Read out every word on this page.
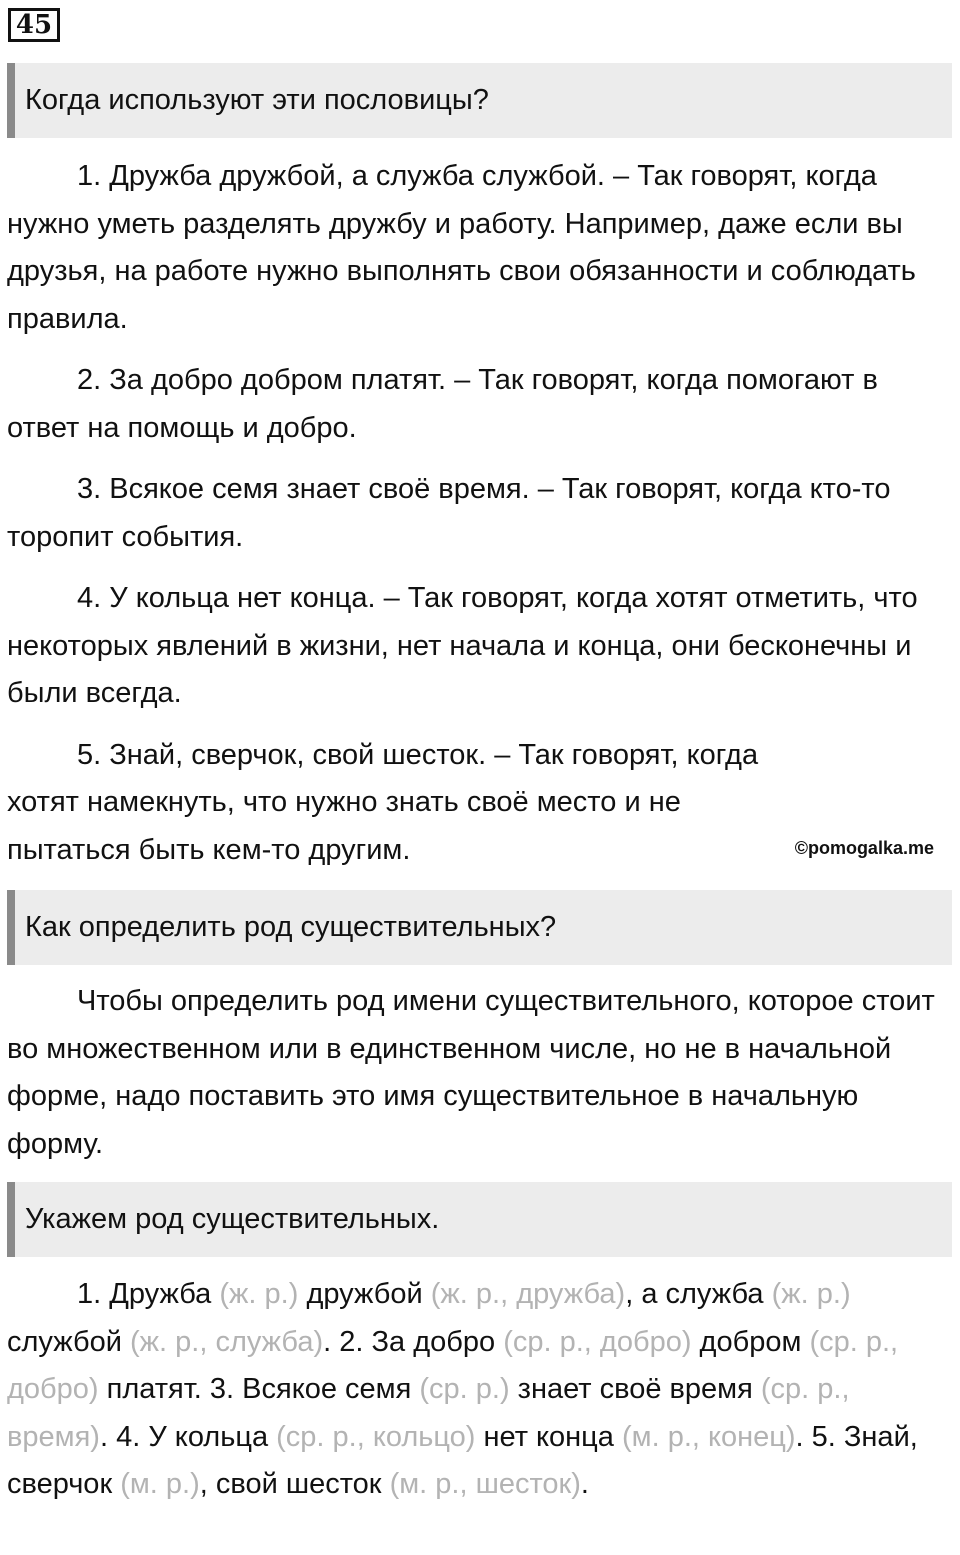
45
Когда используют эти пословицы?
1. Дружба дружбой, а служба службой. – Так говорят, когда нужно уметь разделять дружбу и работу. Например, даже если вы друзья, на работе нужно выполнять свои обязанности и соблюдать правила.
2. За добро добром платят. – Так говорят, когда помогают в ответ на помощь и добро.
3. Всякое семя знает своё время. – Так говорят, когда кто-то торопит события.
4. У кольца нет конца. – Так говорят, когда хотят отметить, что некоторых явлений в жизни, нет начала и конца, они бесконечны и были всегда.
5. Знай, сверчок, свой шесток. – Так говорят, когда хотят намекнуть, что нужно знать своё место и не пытаться быть кем-то другим.	©pomogalka.me
Как определить род существительных?
Чтобы определить род имени существительного, которое стоит во множественном или в единственном числе, но не в начальной форме, надо поставить это имя существительное в начальную форму.
Укажем род существительных.
1. Дружба (ж. р.) дружбой (ж. р., дружба), а служба (ж. р.) службой (ж. р., служба). 2. За добро (ср. р., добро) добром (ср. р., добро) платят. 3. Всякое семя (ср. р.) знает своё время (ср. р., время). 4. У кольца (ср. р., кольцо) нет конца (м. р., конец). 5. Знай, сверчок (м. р.), свой шесток (м. р., шесток).
